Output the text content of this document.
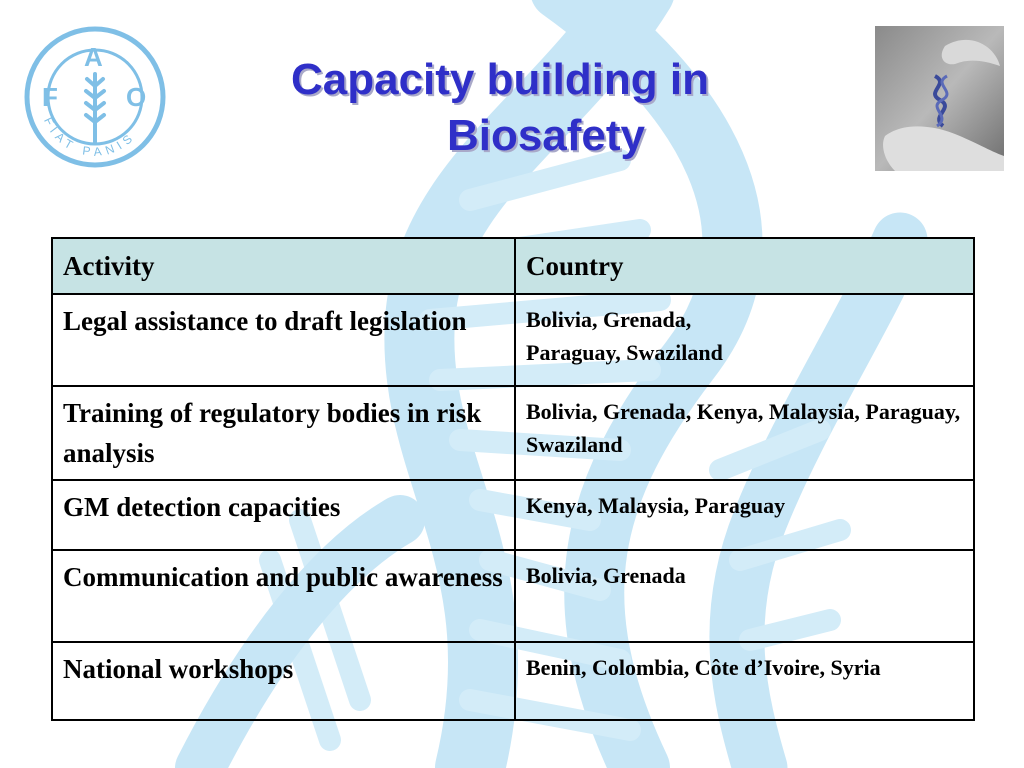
F
A
O
FIAT PANIS
Capacity building in
Biosafety
Activity	Country
Legal assistance to draft legislation	Bolivia, Grenada,
Paraguay, Swaziland
Training of regulatory bodies in risk analysis	Bolivia, Grenada, Kenya, Malaysia, Paraguay, Swaziland
GM detection capacities	Kenya, Malaysia, Paraguay
Communication and public awareness	Bolivia, Grenada
National workshops	Benin, Colombia, Côte d’Ivoire, Syria
